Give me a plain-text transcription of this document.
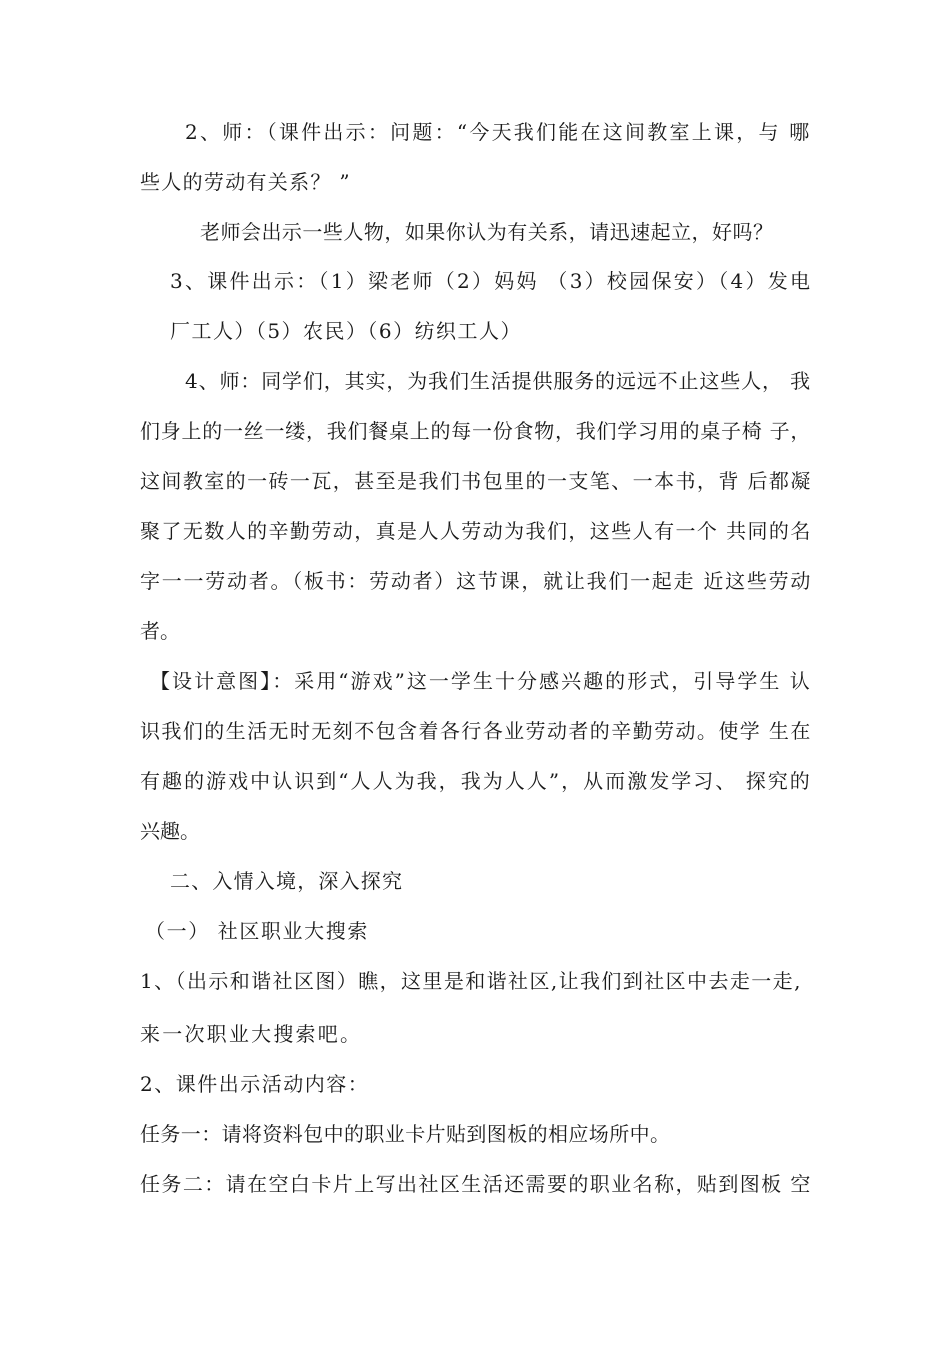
2、师：（课件出示：问题：“今天我们能在这间教室上课，与 哪
些人的劳动有关系？ ”
老师会出示一些人物，如果你认为有关系，请迅速起立，好吗？
3、课件出示：（1）梁老师（2）妈妈 （3）校园保安）（4）发电
厂工人）（5）农民）（6）纺织工人）
4、师：同学们，其实，为我们生活提供服务的远远不止这些人， 我
们身上的一丝一缕，我们餐桌上的每一份食物，我们学习用的桌子椅 子，
这间教室的一砖一瓦，甚至是我们书包里的一支笔、一本书，背 后都凝
聚了无数人的辛勤劳动，真是人人劳动为我们，这些人有一个 共同的名
字一一劳动者。（板书：劳动者）这节课，就让我们一起走 近这些劳动
者。
【设计意图】：采用“游戏”这一学生十分感兴趣的形式，引导学生 认
识我们的生活无时无刻不包含着各行各业劳动者的辛勤劳动。使学 生在
有趣的游戏中认识到“人人为我，我为人人”，从而激发学习、 探究的
兴趣。
二、入情入境，深入探究
（一） 社区职业大搜索
1、（出示和谐社区图）瞧，这里是和谐社区,让我们到社区中去走一走,
来一次职业大搜索吧。
2、课件出示活动内容：
任务一：请将资料包中的职业卡片贴到图板的相应场所中。
任务二：请在空白卡片上写出社区生活还需要的职业名称，贴到图板 空
